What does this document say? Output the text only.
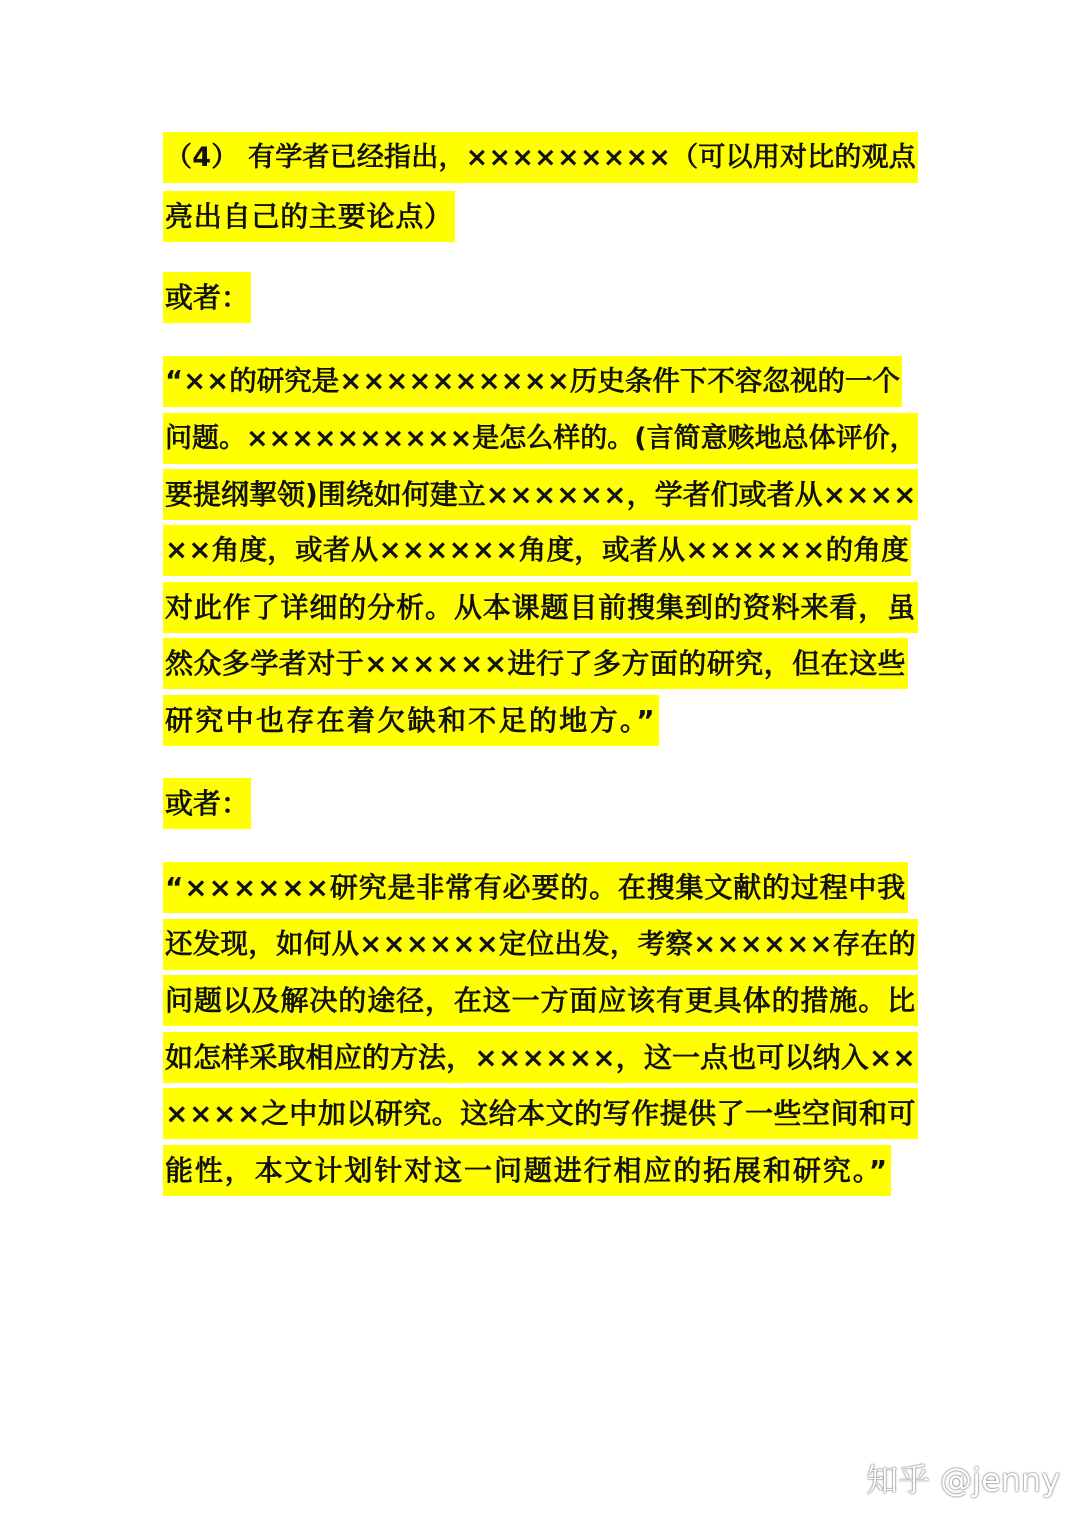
（4） 有学者已经指出，×××××××××（可以用对比的观点
亮出自己的主要论点）
或者：
“××的研究是××××××××××历史条件下不容忽视的一个
问题。××××××××××是怎么样的。(言简意赅地总体评价，
要提纲挈领)围绕如何建立××××××，学者们或者从××××
××角度，或者从××××××角度，或者从××××××的角度
对此作了详细的分析。从本课题目前搜集到的资料来看，虽
然众多学者对于××××××进行了多方面的研究，但在这些
研究中也存在着欠缺和不足的地方。”
或者：
“××××××研究是非常有必要的。在搜集文献的过程中我
还发现，如何从××××××定位出发，考察××××××存在的
问题以及解决的途径，在这一方面应该有更具体的措施。比
如怎样采取相应的方法，××××××，这一点也可以纳入××
××××之中加以研究。这给本文的写作提供了一些空间和可
能性，本文计划针对这一问题进行相应的拓展和研究。”
知乎 @jenny
